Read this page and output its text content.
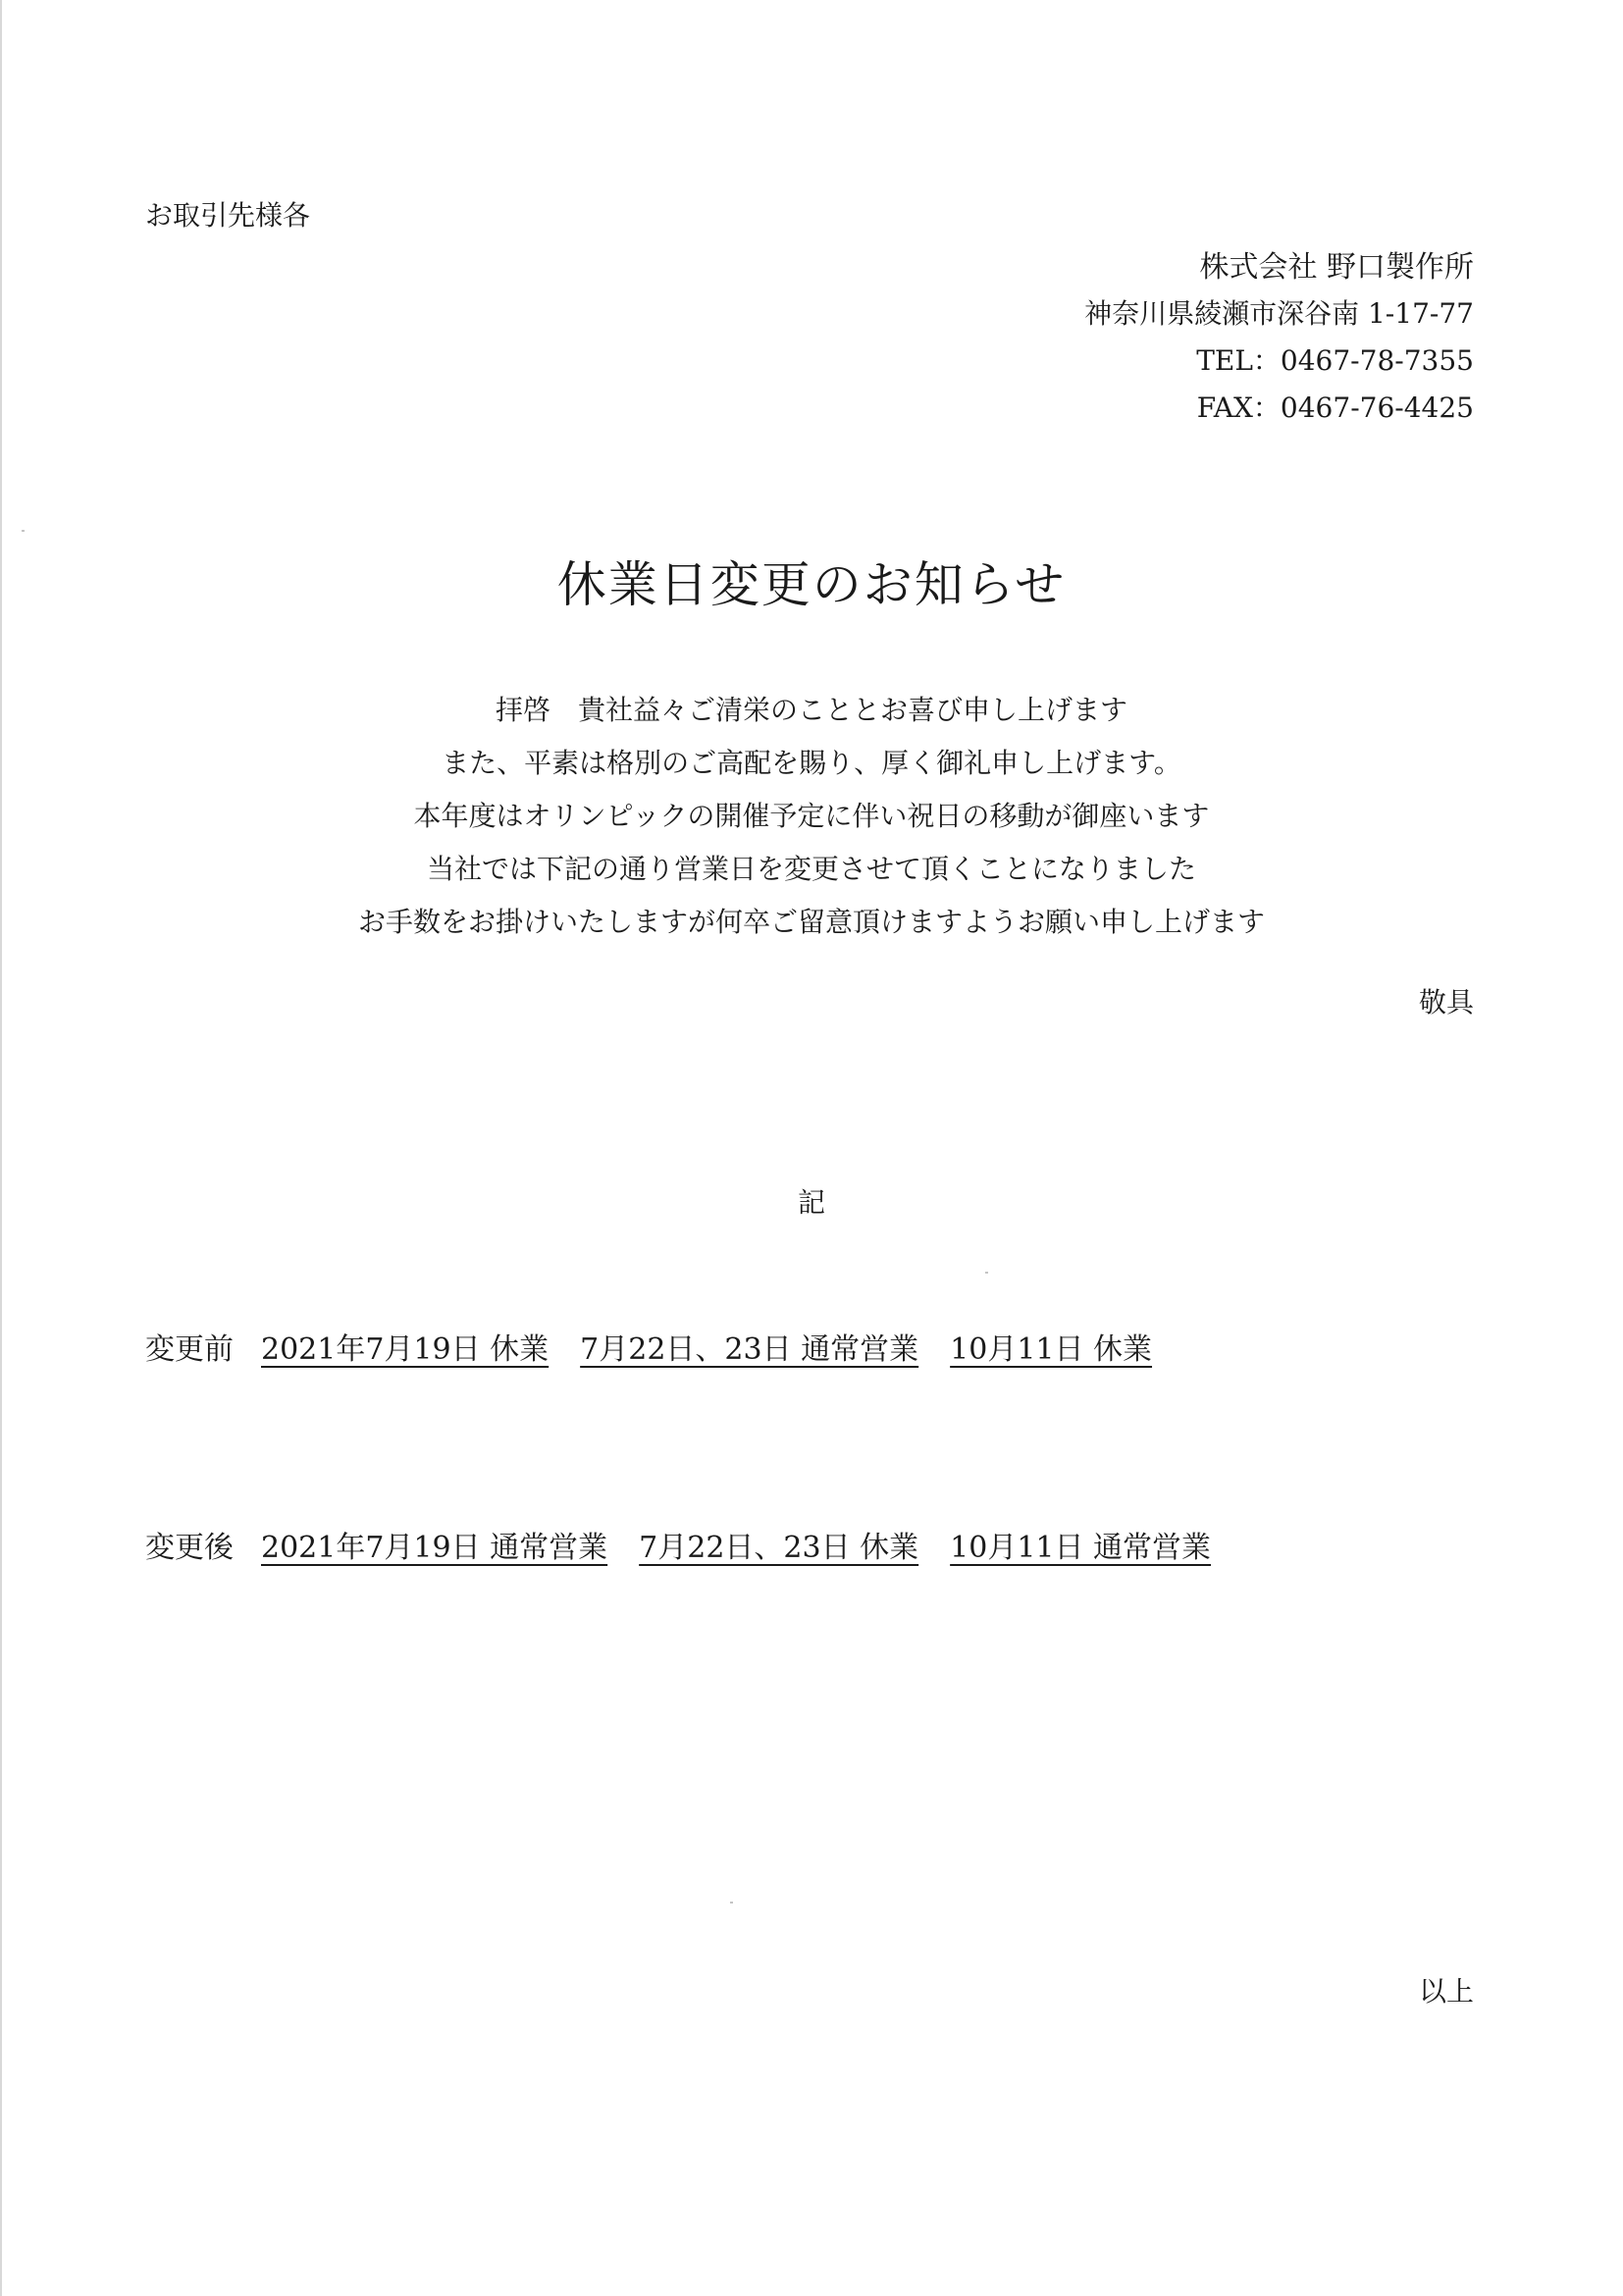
お取引先様各
株式会社 野口製作所
神奈川県綾瀬市深谷南 1-17-77
TEL：0467-78-7355
FAX：0467-76-4425
休業日変更のお知らせ
拝啓　貴社益々ご清栄のこととお喜び申し上げます
また、平素は格別のご高配を賜り、厚く御礼申し上げます。
本年度はオリンピックの開催予定に伴い祝日の移動が御座います
当社では下記の通り営業日を変更させて頂くことになりました
お手数をお掛けいたしますが何卒ご留意頂けますようお願い申し上げます
敬具
記
変更前 2021年7月19日 休業 7月22日、23日 通常営業 10月11日 休業
変更後 2021年7月19日 通常営業 7月22日、23日 休業 10月11日 通常営業
以上
